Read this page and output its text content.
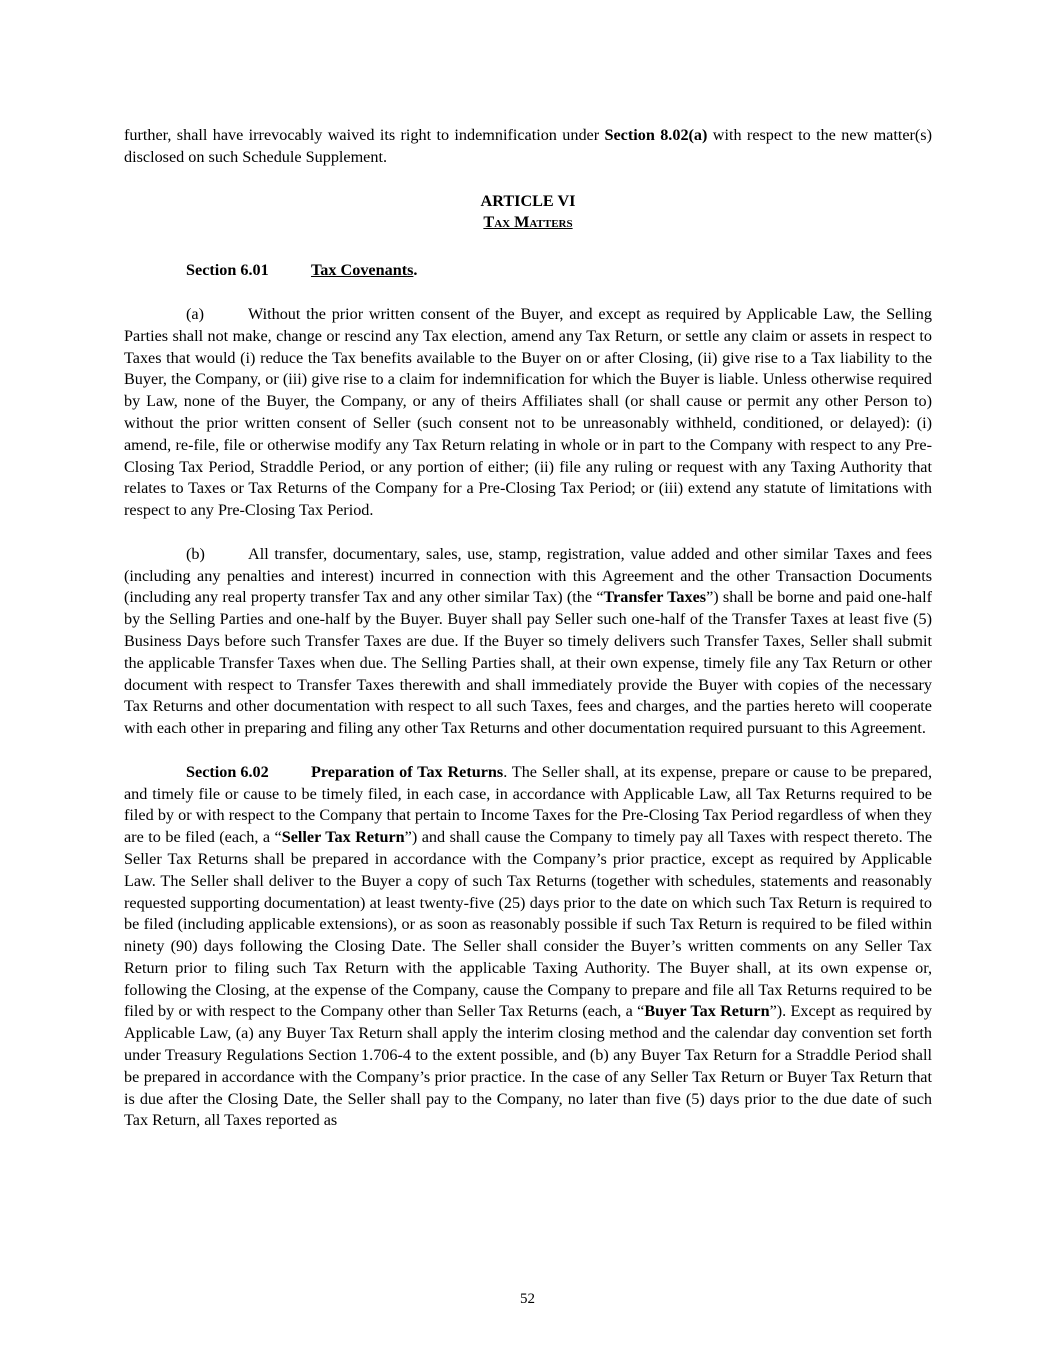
further, shall have irrevocably waived its right to indemnification under Section 8.02(a) with respect to the new matter(s) disclosed on such Schedule Supplement.

ARTICLE VI

Tax Matters

Section 6.01	Tax Covenants.

(a)	Without the prior written consent of the Buyer, and except as required by Applicable Law, the Selling Parties shall not make, change or rescind any Tax election, amend any Tax Return, or settle any claim or assets in respect to Taxes that would (i) reduce the Tax benefits available to the Buyer on or after Closing, (ii) give rise to a Tax liability to the Buyer, the Company, or (iii) give rise to a claim for indemnification for which the Buyer is liable. Unless otherwise required by Law, none of the Buyer, the Company, or any of theirs Affiliates shall (or shall cause or permit any other Person to) without the prior written consent of Seller (such consent not to be unreasonably withheld, conditioned, or delayed): (i) amend, re-file, file or otherwise modify any Tax Return relating in whole or in part to the Company with respect to any Pre-Closing Tax Period, Straddle Period, or any portion of either; (ii) file any ruling or request with any Taxing Authority that relates to Taxes or Tax Returns of the Company for a Pre-Closing Tax Period; or (iii) extend any statute of limitations with respect to any Pre-Closing Tax Period.

(b)	All transfer, documentary, sales, use, stamp, registration, value added and other similar Taxes and fees (including any penalties and interest) incurred in connection with this Agreement and the other Transaction Documents (including any real property transfer Tax and any other similar Tax) (the “Transfer Taxes”) shall be borne and paid one-half by the Selling Parties and one-half by the Buyer. Buyer shall pay Seller such one-half of the Transfer Taxes at least five (5) Business Days before such Transfer Taxes are due. If the Buyer so timely delivers such Transfer Taxes, Seller shall submit the applicable Transfer Taxes when due. The Selling Parties shall, at their own expense, timely file any Tax Return or other document with respect to Transfer Taxes therewith and shall immediately provide the Buyer with copies of the necessary Tax Returns and other documentation with respect to all such Taxes, fees and charges, and the parties hereto will cooperate with each other in preparing and filing any other Tax Returns and other documentation required pursuant to this Agreement.

Section 6.02	Preparation of Tax Returns. The Seller shall, at its expense, prepare or cause to be prepared, and timely file or cause to be timely filed, in each case, in accordance with Applicable Law, all Tax Returns required to be filed by or with respect to the Company that pertain to Income Taxes for the Pre-Closing Tax Period regardless of when they are to be filed (each, a “Seller Tax Return”) and shall cause the Company to timely pay all Taxes with respect thereto. The Seller Tax Returns shall be prepared in accordance with the Company’s prior practice, except as required by Applicable Law. The Seller shall deliver to the Buyer a copy of such Tax Returns (together with schedules, statements and reasonably requested supporting documentation) at least twenty-five (25) days prior to the date on which such Tax Return is required to be filed (including applicable extensions), or as soon as reasonably possible if such Tax Return is required to be filed within ninety (90) days following the Closing Date. The Seller shall consider the Buyer’s written comments on any Seller Tax Return prior to filing such Tax Return with the applicable Taxing Authority. The Buyer shall, at its own expense or, following the Closing, at the expense of the Company, cause the Company to prepare and file all Tax Returns required to be filed by or with respect to the Company other than Seller Tax Returns (each, a “Buyer Tax Return”). Except as required by Applicable Law, (a) any Buyer Tax Return shall apply the interim closing method and the calendar day convention set forth under Treasury Regulations Section 1.706-4 to the extent possible, and (b) any Buyer Tax Return for a Straddle Period shall be prepared in accordance with the Company’s prior practice. In the case of any Seller Tax Return or Buyer Tax Return that is due after the Closing Date, the Seller shall pay to the Company, no later than five (5) days prior to the due date of such Tax Return, all Taxes reported as

52
